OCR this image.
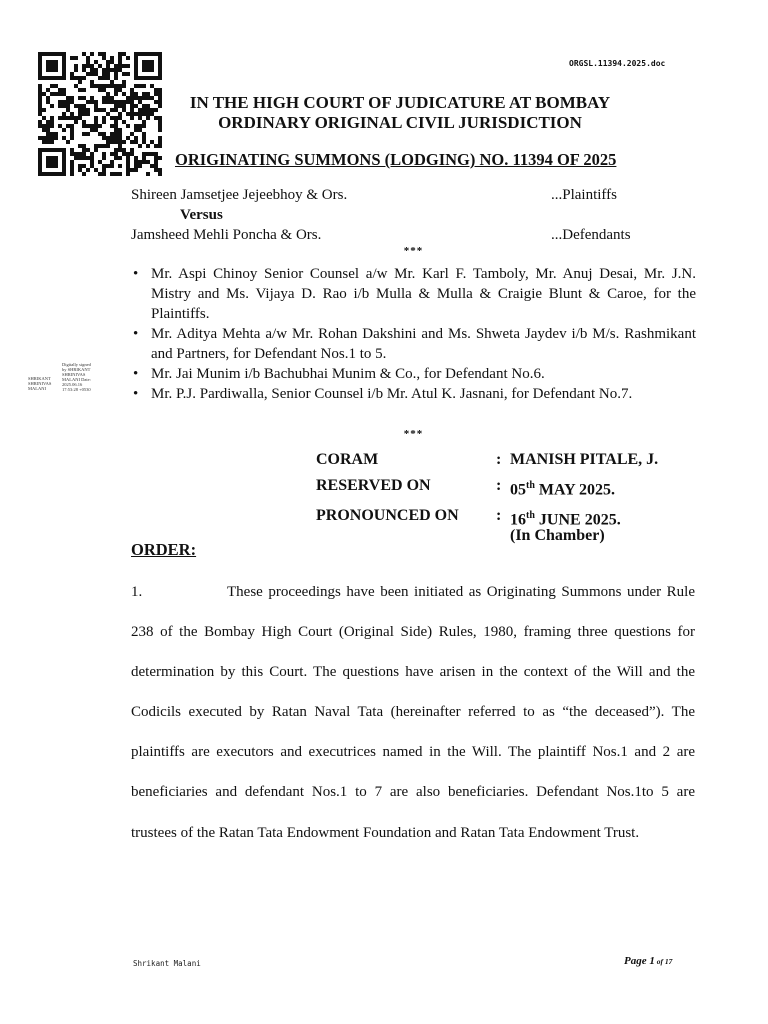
SHRIKANT SHRINIVAS MALANI
Digitally signed by SHRIKANT SHRINIVAS MALANI Date: 2025.06.16 17:53:28 +0530
ORGSL.11394.2025.doc
IN THE HIGH COURT OF JUDICATURE AT BOMBAY
ORDINARY ORIGINAL CIVIL JURISDICTION
ORIGINATING SUMMONS (LODGING) NO. 11394 OF 2025
Shireen Jamsetjee Jejeebhoy & Ors.	...Plaintiffs
Versus
Jamsheed Mehli Poncha & Ors.	...Defendants
***
• Mr. Aspi Chinoy Senior Counsel a/w Mr. Karl F. Tamboly, Mr. Anuj Desai, Mr. J.N. Mistry and Ms. Vijaya D. Rao i/b Mulla & Mulla & Craigie Blunt & Caroe, for the Plaintiffs.
• Mr. Aditya Mehta a/w Mr. Rohan Dakshini and Ms. Shweta Jaydev i/b M/s. Rashmikant and Partners, for Defendant Nos.1 to 5.
• Mr. Jai Munim i/b Bachubhai Munim & Co., for Defendant No.6.
• Mr. P.J. Pardiwalla, Senior Counsel i/b Mr. Atul K. Jasnani, for Defendant No.7.
***
CORAM	: MANISH PITALE, J.
RESERVED ON	: 05th MAY 2025.
PRONOUNCED ON	: 16th JUNE 2025.
(In Chamber)
ORDER:
1.	These proceedings have been initiated as Originating Summons under Rule 238 of the Bombay High Court (Original Side) Rules, 1980, framing three questions for determination by this Court. The questions have arisen in the context of the Will and the Codicils executed by Ratan Naval Tata (hereinafter referred to as “the deceased”). The plaintiffs are executors and executrices named in the Will. The plaintiff Nos.1 and 2 are beneficiaries and defendant Nos.1 to 7 are also beneficiaries. Defendant Nos.1to 5 are trustees of the Ratan Tata Endowment Foundation and Ratan Tata Endowment Trust.
Shrikant Malani	Page 1 of 17
